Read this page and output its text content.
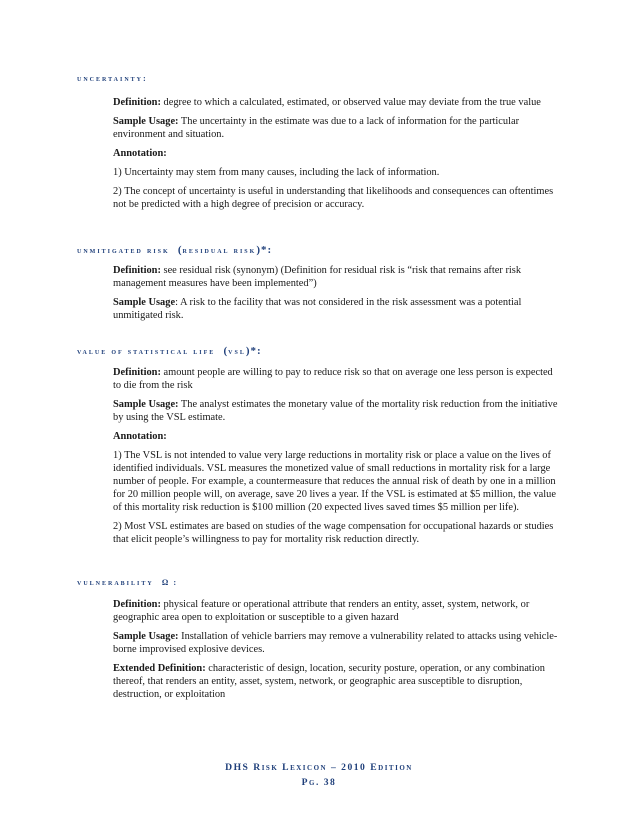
uncertainty:

Definition: degree to which a calculated, estimated, or observed value may deviate from the true value

Sample Usage: The uncertainty in the estimate was due to a lack of information for the particular environment and situation.

Annotation:

1) Uncertainty may stem from many causes, including the lack of information.

2) The concept of uncertainty is useful in understanding that likelihoods and consequences can oftentimes not be predicted with a high degree of precision or accuracy.

unmitigated risk (residual risk)*:

Definition: see residual risk (synonym) (Definition for residual risk is “risk that remains after risk management measures have been implemented”)

Sample Usage: A risk to the facility that was not considered in the risk assessment was a potential unmitigated risk.

value of statistical life (vsl)*:

Definition: amount people are willing to pay to reduce risk so that on average one less person is expected to die from the risk

Sample Usage: The analyst estimates the monetary value of the mortality risk reduction from the initiative by using the VSL estimate.

Annotation:

1) The VSL is not intended to value very large reductions in mortality risk or place a value on the lives of identified individuals. VSL measures the monetized value of small reductions in mortality risk for a large number of people. For example, a countermeasure that reduces the annual risk of death by one in a million for 20 million people will, on average, save 20 lives a year. If the VSL is estimated at $5 million, the value of this mortality risk reduction is $100 million (20 expected lives saved times $5 million per life).

2) Most VSL estimates are based on studies of the wage compensation for occupational hazards or studies that elicit people’s willingness to pay for mortality risk reduction directly.

vulnerability ω :

Definition: physical feature or operational attribute that renders an entity, asset, system, network, or geographic area open to exploitation or susceptible to a given hazard

Sample Usage: Installation of vehicle barriers may remove a vulnerability related to attacks using vehicle-borne improvised explosive devices.

Extended Definition: characteristic of design, location, security posture, operation, or any combination thereof, that renders an entity, asset, system, network, or geographic area susceptible to disruption, destruction, or exploitation

DHS Risk Lexicon – 2010 Edition
Pg. 38
